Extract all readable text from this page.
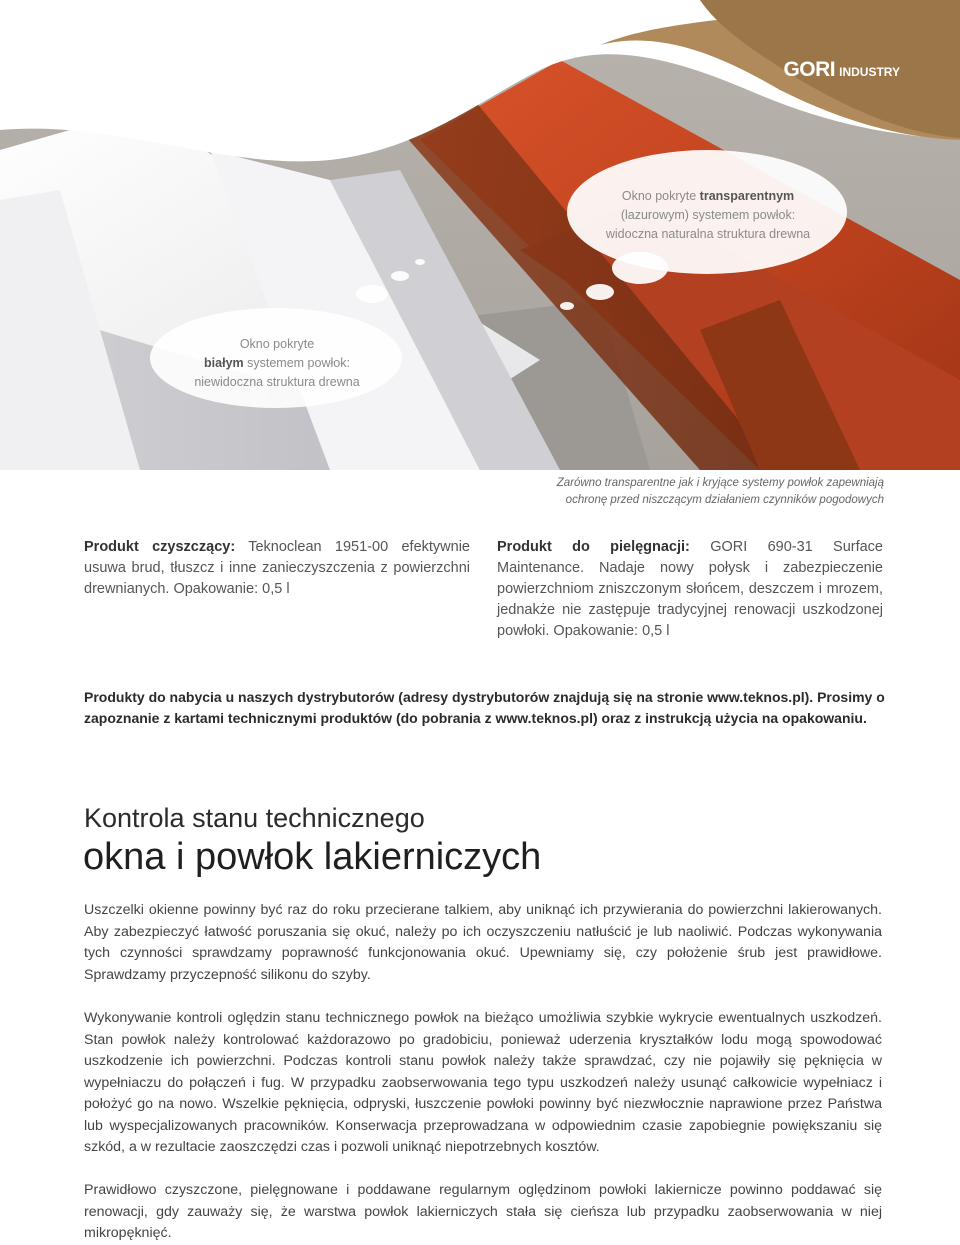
GORI INDUSTRY
Okno pokryte transparentnym
(lazurowym) systemem powłok:
widoczna naturalna struktura drewna
Okno pokryte
białym systemem powłok:
niewidoczna struktura drewna
Zarówno transparentne jak i kryjące systemy powłok zapewniają
ochronę przed niszczącym działaniem czynników pogodowych
Produkt czyszczący: Teknoclean 1951-00 efektywnie usuwa brud, tłuszcz i inne zanieczyszczenia z powierzchni drewnianych. Opakowanie: 0,5 l
Produkt do pielęgnacji: GORI 690-31 Surface Maintenance. Nadaje nowy połysk i zabezpieczenie powierzchniom zniszczonym słońcem, deszczem i mrozem, jednakże nie zastępuje tradycyjnej renowacji uszkodzonej powłoki. Opakowanie: 0,5 l
Produkty do nabycia u naszych dystrybutorów (adresy dystrybutorów znajdują się na stronie www.teknos.pl). Prosimy o zapoznanie z kartami technicznymi produktów (do pobrania z www.teknos.pl) oraz z instrukcją użycia na opakowaniu.
Kontrola stanu technicznego
okna i powłok lakierniczych
Uszczelki okienne powinny być raz do roku przecierane talkiem, aby uniknąć ich przywierania do powierzchni lakierowanych. Aby zabezpieczyć łatwość poruszania się okuć, należy po ich oczyszczeniu natłuścić je lub naoliwić. Podczas wykonywania tych czynności sprawdzamy poprawność funkcjonowania okuć. Upewniamy się, czy położenie śrub jest prawidłowe. Sprawdzamy przyczepność silikonu do szyby.
Wykonywanie kontroli oględzin stanu technicznego powłok na bieżąco umożliwia szybkie wykrycie ewentualnych uszkodzeń. Stan powłok należy kontrolować każdorazowo po gradobiciu, ponieważ uderzenia kryształków lodu mogą spowodować uszkodzenie ich powierzchni. Podczas kontroli stanu powłok należy także sprawdzać, czy nie pojawiły się pęknięcia w wypełniaczu do połączeń i fug. W przypadku zaobserwowania tego typu uszkodzeń należy usunąć całkowicie wypełniacz i położyć go na nowo. Wszelkie pęknięcia, odpryski, łuszczenie powłoki powinny być niezwłocznie naprawione przez Państwa lub wyspecjalizowanych pracowników. Konserwacja przeprowadzana w odpowiednim czasie zapobiegnie powiększaniu się szkód, a w rezultacie zaoszczędzi czas i pozwoli uniknąć niepotrzebnych kosztów.
Prawidłowo czyszczone, pielęgnowane i poddawane regularnym oględzinom powłoki lakiernicze powinno poddawać się renowacji, gdy zauważy się, że warstwa powłok lakierniczych stała się cieńsza lub przypadku zaobserwowania w niej mikropęknięć.
